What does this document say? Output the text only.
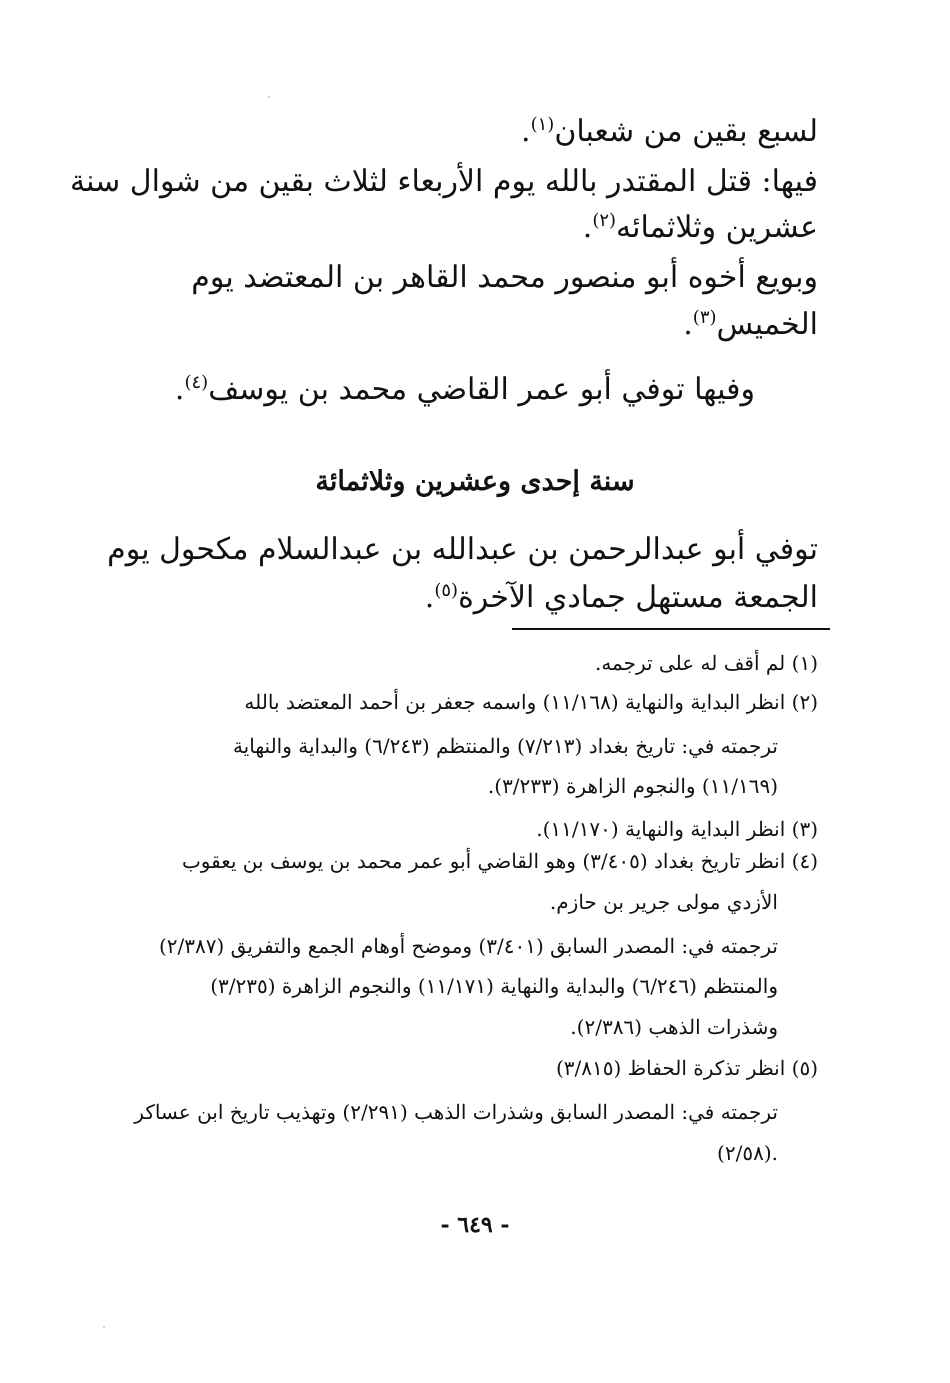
لسبع بقين من شعبان$^{(١)}$.
فيها: قتل المقتدر بالله يوم الأربعاء لثلاث بقين من شوال سنة
عشرين وثلاثمائه$^{(٢)}$.
وبويع أخوه أبو منصور محمد القاهر بن المعتضد يوم
الخميس$^{(٣)}$.
وفيها توفي أبو عمر القاضي محمد بن يوسف$^{(٤)}$.
سنة إحدى وعشرين وثلاثمائة
توفي أبو عبدالرحمن بن عبدالله بن عبدالسلام مكحول يوم
الجمعة مستهل جمادي الآخرة$^{(٥)}$.
(١) لم أقف له على ترجمه.
(٢) انظر البداية والنهاية (١١/١٦٨) واسمه جعفر بن أحمد المعتضد بالله
ترجمته في: تاريخ بغداد (٧/٢١٣) والمنتظم (٦/٢٤٣) والبداية والنهاية
(١١/١٦٩) والنجوم الزاهرة (٣/٢٣٣).
(٣) انظر البداية والنهاية (١١/١٧٠).
(٤) انظر تاريخ بغداد (٣/٤٠٥) وهو القاضي أبو عمر محمد بن يوسف بن يعقوب
الأزدي مولى جرير بن حازم.
ترجمته في: المصدر السابق (٣/٤٠١) وموضح أوهام الجمع والتفريق (٢/٣٨٧)
والمنتظم (٦/٢٤٦) والبداية والنهاية (١١/١٧١) والنجوم الزاهرة (٣/٢٣٥)
وشذرات الذهب (٢/٣٨٦).
(٥) انظر تذكرة الحفاظ (٣/٨١٥)
ترجمته في: المصدر السابق وشذرات الذهب (٢/٢٩١) وتهذيب تاريخ ابن عساكر
(٢/٥٨).
- ٦٤٩ -
